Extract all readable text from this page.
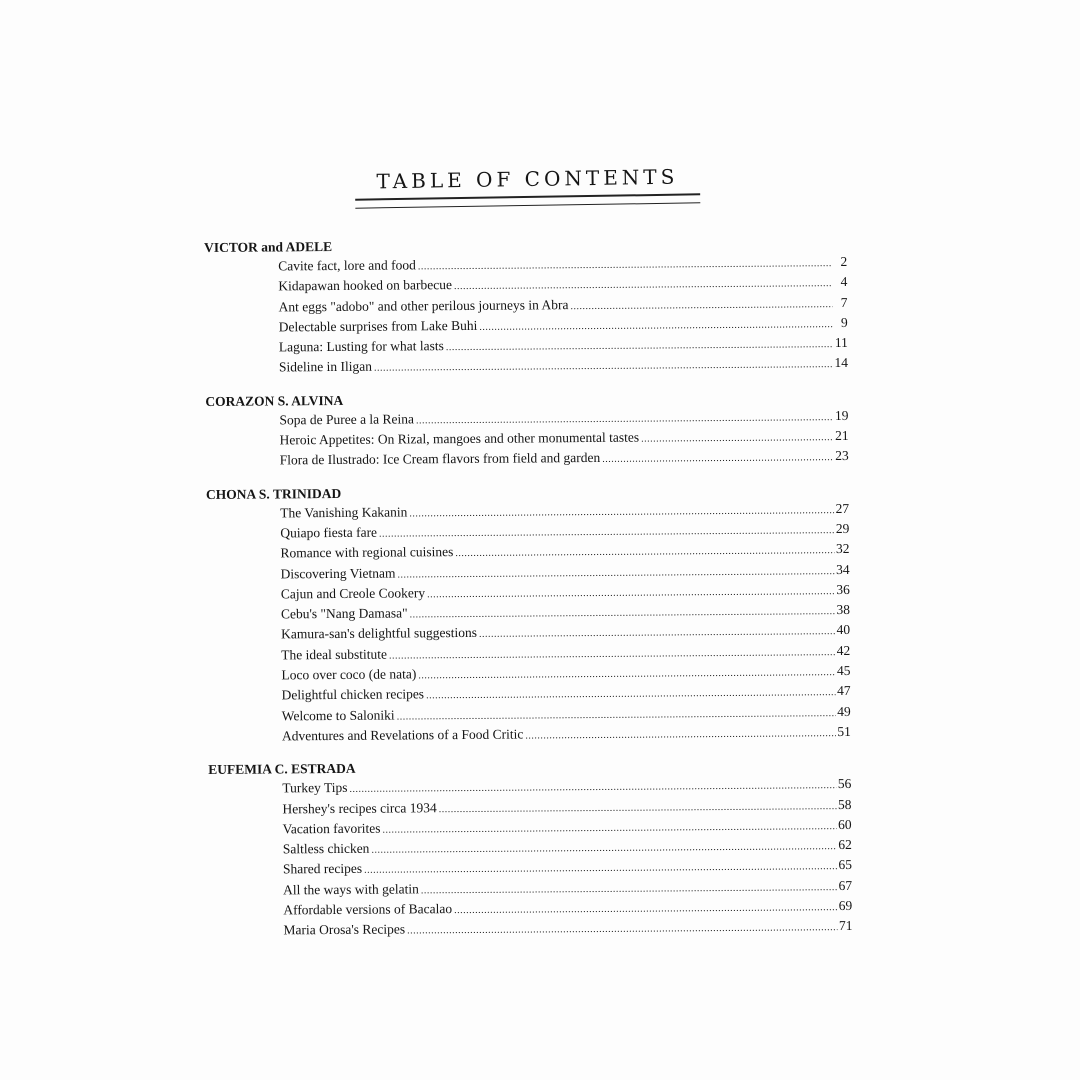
TABLE OF CONTENTS
VICTOR and ADELE
Cavite fact, lore and food .....	2
Kidapawan hooked on barbecue .....	4
Ant eggs "adobo" and other perilous journeys in Abra .....	7
Delectable surprises from Lake Buhi .....	9
Laguna: Lusting for what lasts .....	11
Sideline in Iligan .....	14
CORAZON S. ALVINA
Sopa de Puree a la Reina .....	19
Heroic Appetites: On Rizal, mangoes and other monumental tastes .....	21
Flora de Ilustrado: Ice Cream flavors from field and garden .....	23
CHONA S. TRINIDAD
The Vanishing Kakanin .....	27
Quiapo fiesta fare .....	29
Romance with regional cuisines .....	32
Discovering Vietnam .....	34
Cajun and Creole Cookery .....	36
Cebu's "Nang Damasa" .....	38
Kamura-san's delightful suggestions .....	40
The ideal substitute .....	42
Loco over coco (de nata) .....	45
Delightful chicken recipes .....	47
Welcome to Saloniki .....	49
Adventures and Revelations of a Food Critic .....	51
EUFEMIA C. ESTRADA
Turkey Tips .....	56
Hershey's recipes circa 1934 .....	58
Vacation favorites .....	60
Saltless chicken .....	62
Shared recipes .....	65
All the ways with gelatin .....	67
Affordable versions of Bacalao .....	69
Maria Orosa's Recipes .....	71
